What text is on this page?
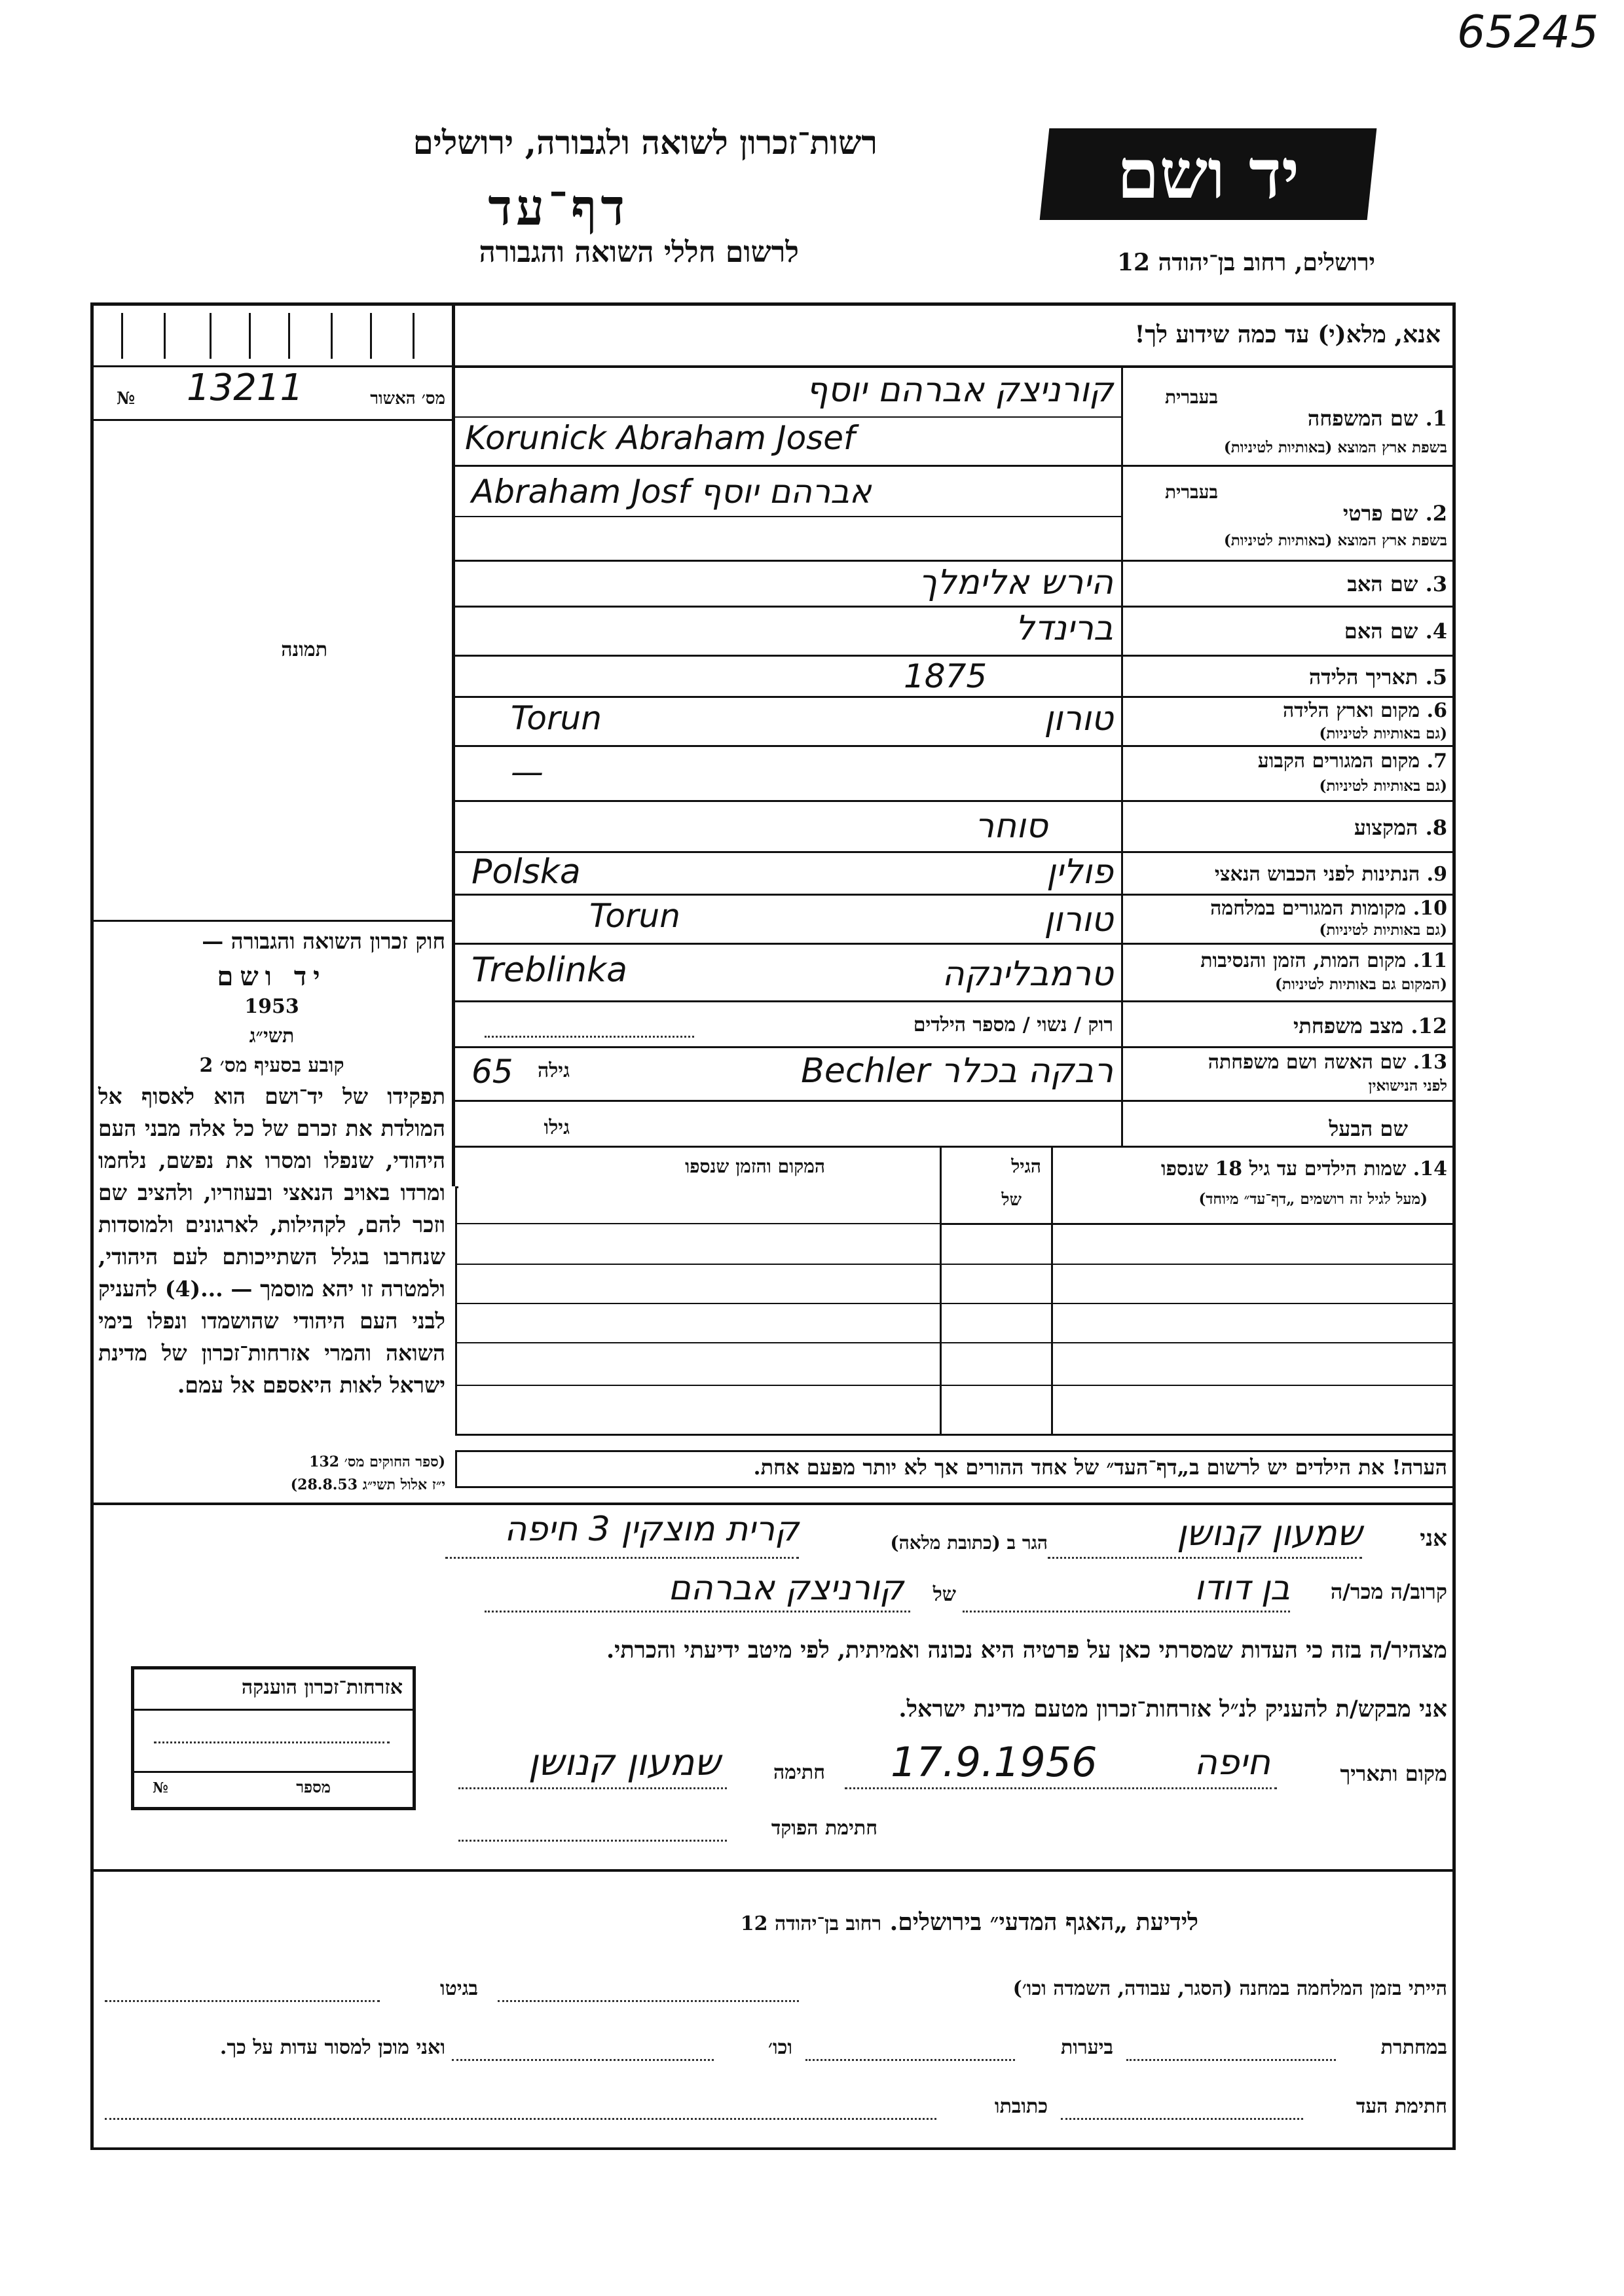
65245
רשות־זכרון לשואה ולגבורה, ירושלים
דף־עד
לרשום חללי השואה והגבורה
יד ושם
ירושלים, רחוב בן־יהודה 12
אנא, מלא(י) עד כמה שידוע לך!
№ 13211	מס׳ האשור
תמונה
בעברית
1. שם המשפחה
בשפת ארץ המוצא (באותיות לטיניות)
קורניצק אברהם יוסף
Korunick Abraham Josef
בעברית
2. שם פרטי
בשפת ארץ המוצא (באותיות לטיניות)
Abraham Josf אברהם יוסף
3. שם האב
הירש אלימלך
4. שם האם
ברינדל
5. תאריך הלידה
1875
6. מקום וארץ הלידה
(גם באותיות לטיניות)
Torun	טורון
7. מקום המגורים הקבוע
(גם באותיות לטיניות)
—
8. המקצוע
סוחר
9. הנתינות לפני הכבוש הנאצי
Polska	פולין
10. מקומות המגורים במלחמה
(גם באותיות לטיניות)
Torun	טורון
11. מקום המות, הזמן והנסיבות
(המקום גם באותיות לטיניות)
Treblinka	טרמבלינקה
12. מצב משפחתי
רוק / נשוי / מספר הילדים
13. שם האשה ושם משפחתה
לפני הנישואין
65	גילה	רבקה בכלר Bechler
שם הבעל
גילו
14. שמות הילדים עד גיל 18 שנספו
(מעל לגיל זה רושמים „דף־עד״ מיוחד)
הגיל
של
המקום והזמן שנספו
הערה! את הילדים יש לרשום ב„דף־העד״ של אחד ההורים אך לא יותר מפעם אחת.
חוק זכרון השואה והגבורה —
יד ושם
1953
תשי״ג
קובע בסעיף מס׳ 2
תפקידו של יד־ושם הוא לאסוף אל המולדת את זכרם של כל אלה מבני העם היהודי, שנפלו ומסרו את נפשם, נלחמו ומרדו באויב הנאצי ובעוזריו, ולהציב שם וזכר להם, לקהילות, לארגונים ולמוסדות שנחרבו בגלל השתייכותם לעם היהודי, ולמטרה זו יהא מוסמך — ...(4) להעניק לבני העם היהודי שהושמדו ונפלו בימי השואה והמרי אזרחות־זכרון של מדינת ישראל לאות היאספם אל עמם.
(ספר החוקים מס׳ 132
י״ז אלול תשי״ג 28.8.53)
אני
שמעון קנושן
הגר ב (כתובת מלאה)
קרית מוצקין 3 חיפה
קרוב/ה מכר/ה
בן דודו
של
קורניצק אברהם
מצהיר/ה בזה כי העדות שמסרתי כאן על פרטיה היא נכונה ואמיתית, לפי מיטב ידיעתי והכרתי.
אני מבקש/ת להעניק לנ״ל אזרחות־זכרון מטעם מדינת ישראל.
מקום ותאריך
17.9.1956	חיפה
חתימה
שמעון קנושן
חתימת הפוקד
אזרחות־זכרון הוענקה
מספר
№
לידיעת „האגף המדעי״ בירושלים. רחוב בן־יהודה 12
הייתי בזמן המלחמה במחנה (הסגר, עבודה, השמדה וכו׳)
בגיטו
במחתרת
ביערות
וכו׳
ואני מוכן למסור עדות על כך.
חתימת העד
כתובתו
